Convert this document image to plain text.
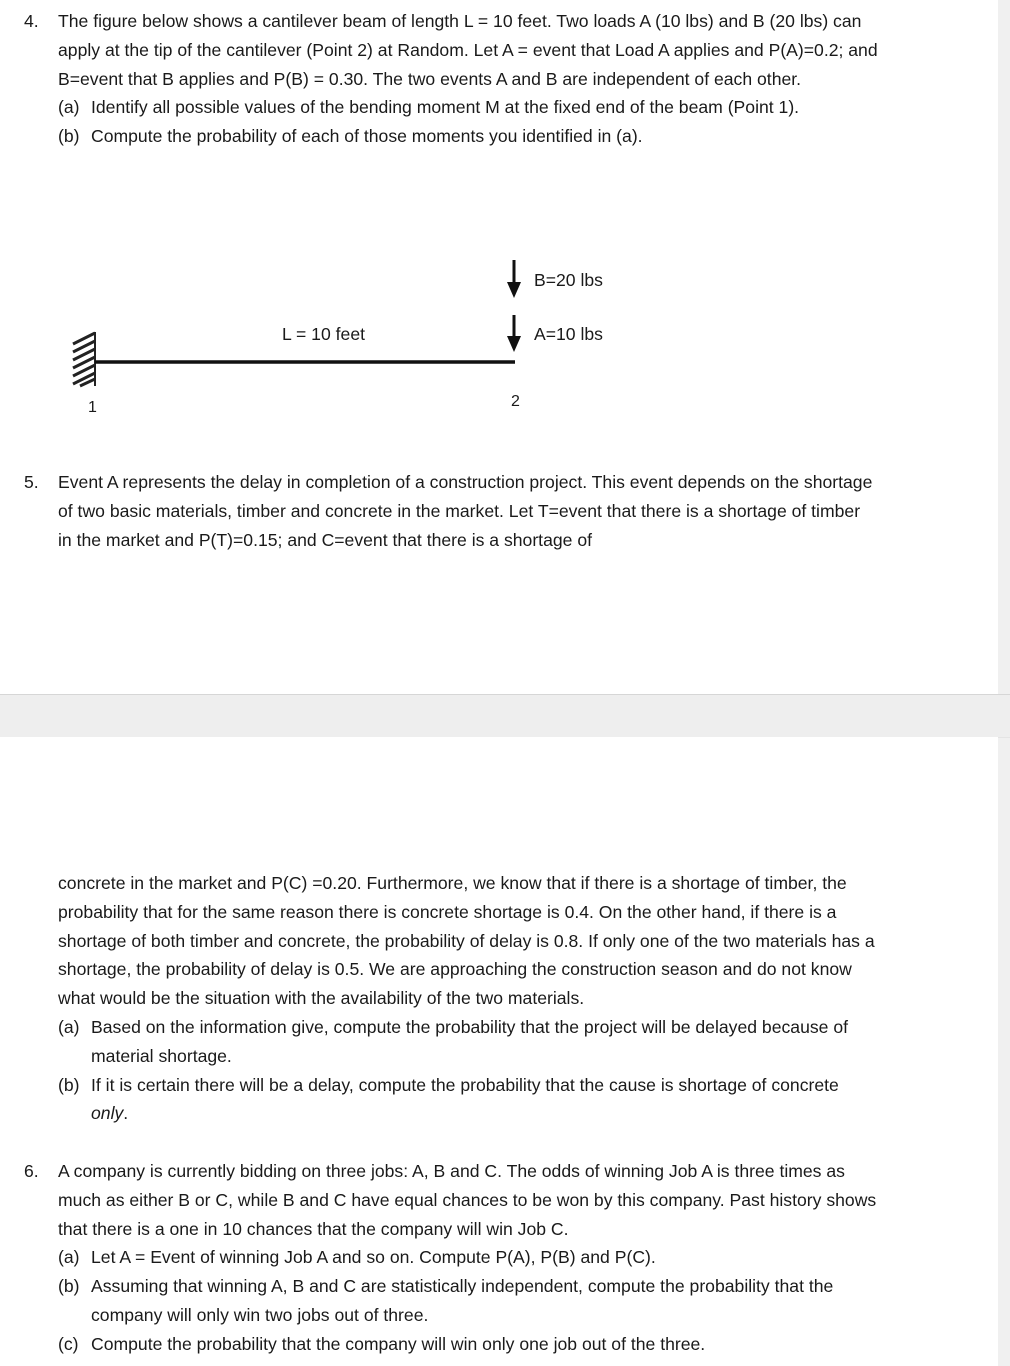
4. The figure below shows a cantilever beam of length L = 10 feet. Two loads A (10 lbs) and B (20 lbs) can apply at the tip of the cantilever (Point 2) at Random. Let A = event that Load A applies and P(A)=0.2; and B=event that B applies and P(B) = 0.30. The two events A and B are independent of each other.
(a) Identify all possible values of the bending moment M at the fixed end of the beam (Point 1).
(b) Compute the probability of each of those moments you identified in (a).
L = 10 feet
B=20 lbs
A=10 lbs
1	2
5. Event A represents the delay in completion of a construction project. This event depends on the shortage of two basic materials, timber and concrete in the market. Let T=event that there is a shortage of timber in the market and P(T)=0.15; and C=event that there is a shortage of
concrete in the market and P(C) =0.20. Furthermore, we know that if there is a shortage of timber, the probability that for the same reason there is concrete shortage is 0.4. On the other hand, if there is a shortage of both timber and concrete, the probability of delay is 0.8. If only one of the two materials has a shortage, the probability of delay is 0.5. We are approaching the construction season and do not know what would be the situation with the availability of the two materials.
(a) Based on the information give, compute the probability that the project will be delayed because of material shortage.
(b) If it is certain there will be a delay, compute the probability that the cause is shortage of concrete only.
6. A company is currently bidding on three jobs: A, B and C. The odds of winning Job A is three times as much as either B or C, while B and C have equal chances to be won by this company. Past history shows that there is a one in 10 chances that the company will win Job C.
(a) Let A = Event of winning Job A and so on. Compute P(A), P(B) and P(C).
(b) Assuming that winning A, B and C are statistically independent, compute the probability that the company will only win two jobs out of three.
(c) Compute the probability that the company will win only one job out of the three.
